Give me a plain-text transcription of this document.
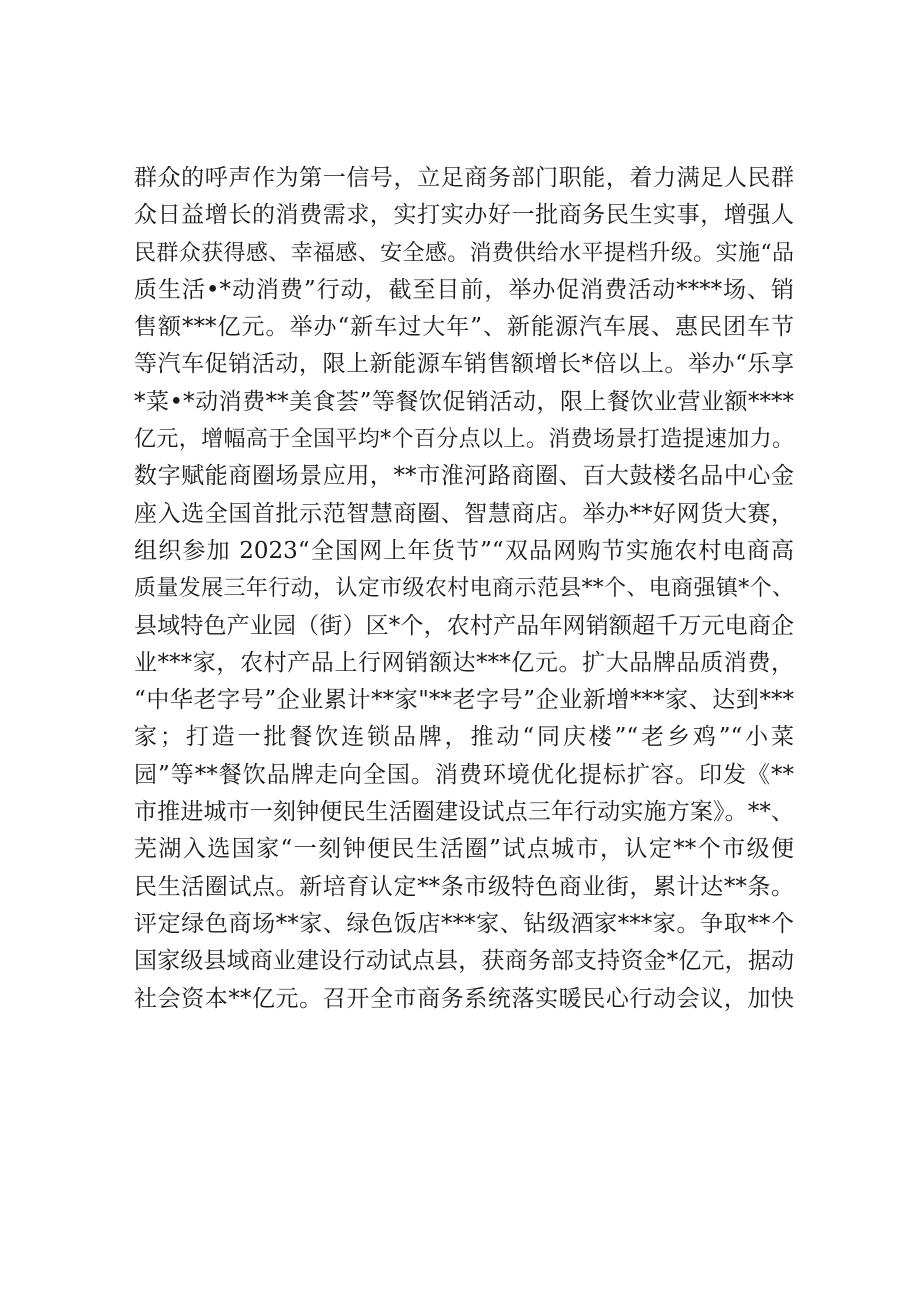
群众的呼声作为第一信号，立足商务部门职能，着力满足人民群
众日益增长的消费需求，实打实办好一批商务民生实事，增强人
民群众获得感、幸福感、安全感。消费供给水平提档升级。实施“品
质生活•*动消费”行动，截至目前，举办促消费活动****场、销
售额***亿元。举办“新车过大年”、新能源汽车展、惠民团车节
等汽车促销活动，限上新能源车销售额增长*倍以上。举办“乐享
*菜•*动消费**美食荟”等餐饮促销活动，限上餐饮业营业额****
亿元，增幅高于全国平均*个百分点以上。消费场景打造提速加力。
数字赋能商圈场景应用，**市淮河路商圈、百大鼓楼名品中心金
座入选全国首批示范智慧商圈、智慧商店。举办**好网货大赛，
组织参加 2023“全国网上年货节”“双品网购节实施农村电商高
质量发展三年行动，认定市级农村电商示范县**个、电商强镇*个、
县域特色产业园（街）区*个，农村产品年网销额超千万元电商企
业***家，农村产品上行网销额达***亿元。扩大品牌品质消费，
“中华老字号”企业累计**家"**老字号”企业新增***家、达到***
家；打造一批餐饮连锁品牌，推动“同庆楼”“老乡鸡”“小菜
园”等**餐饮品牌走向全国。消费环境优化提标扩容。印发《**
市推进城市一刻钟便民生活圈建设试点三年行动实施方案》。**、
芜湖入选国家“一刻钟便民生活圈”试点城市，认定**个市级便
民生活圈试点。新培育认定**条市级特色商业街，累计达**条。
评定绿色商场**家、绿色饭店***家、钻级酒家***家。争取**个
国家级县域商业建设行动试点县，获商务部支持资金*亿元，据动
社会资本**亿元。召开全市商务系统落实暖民心行动会议，加快
